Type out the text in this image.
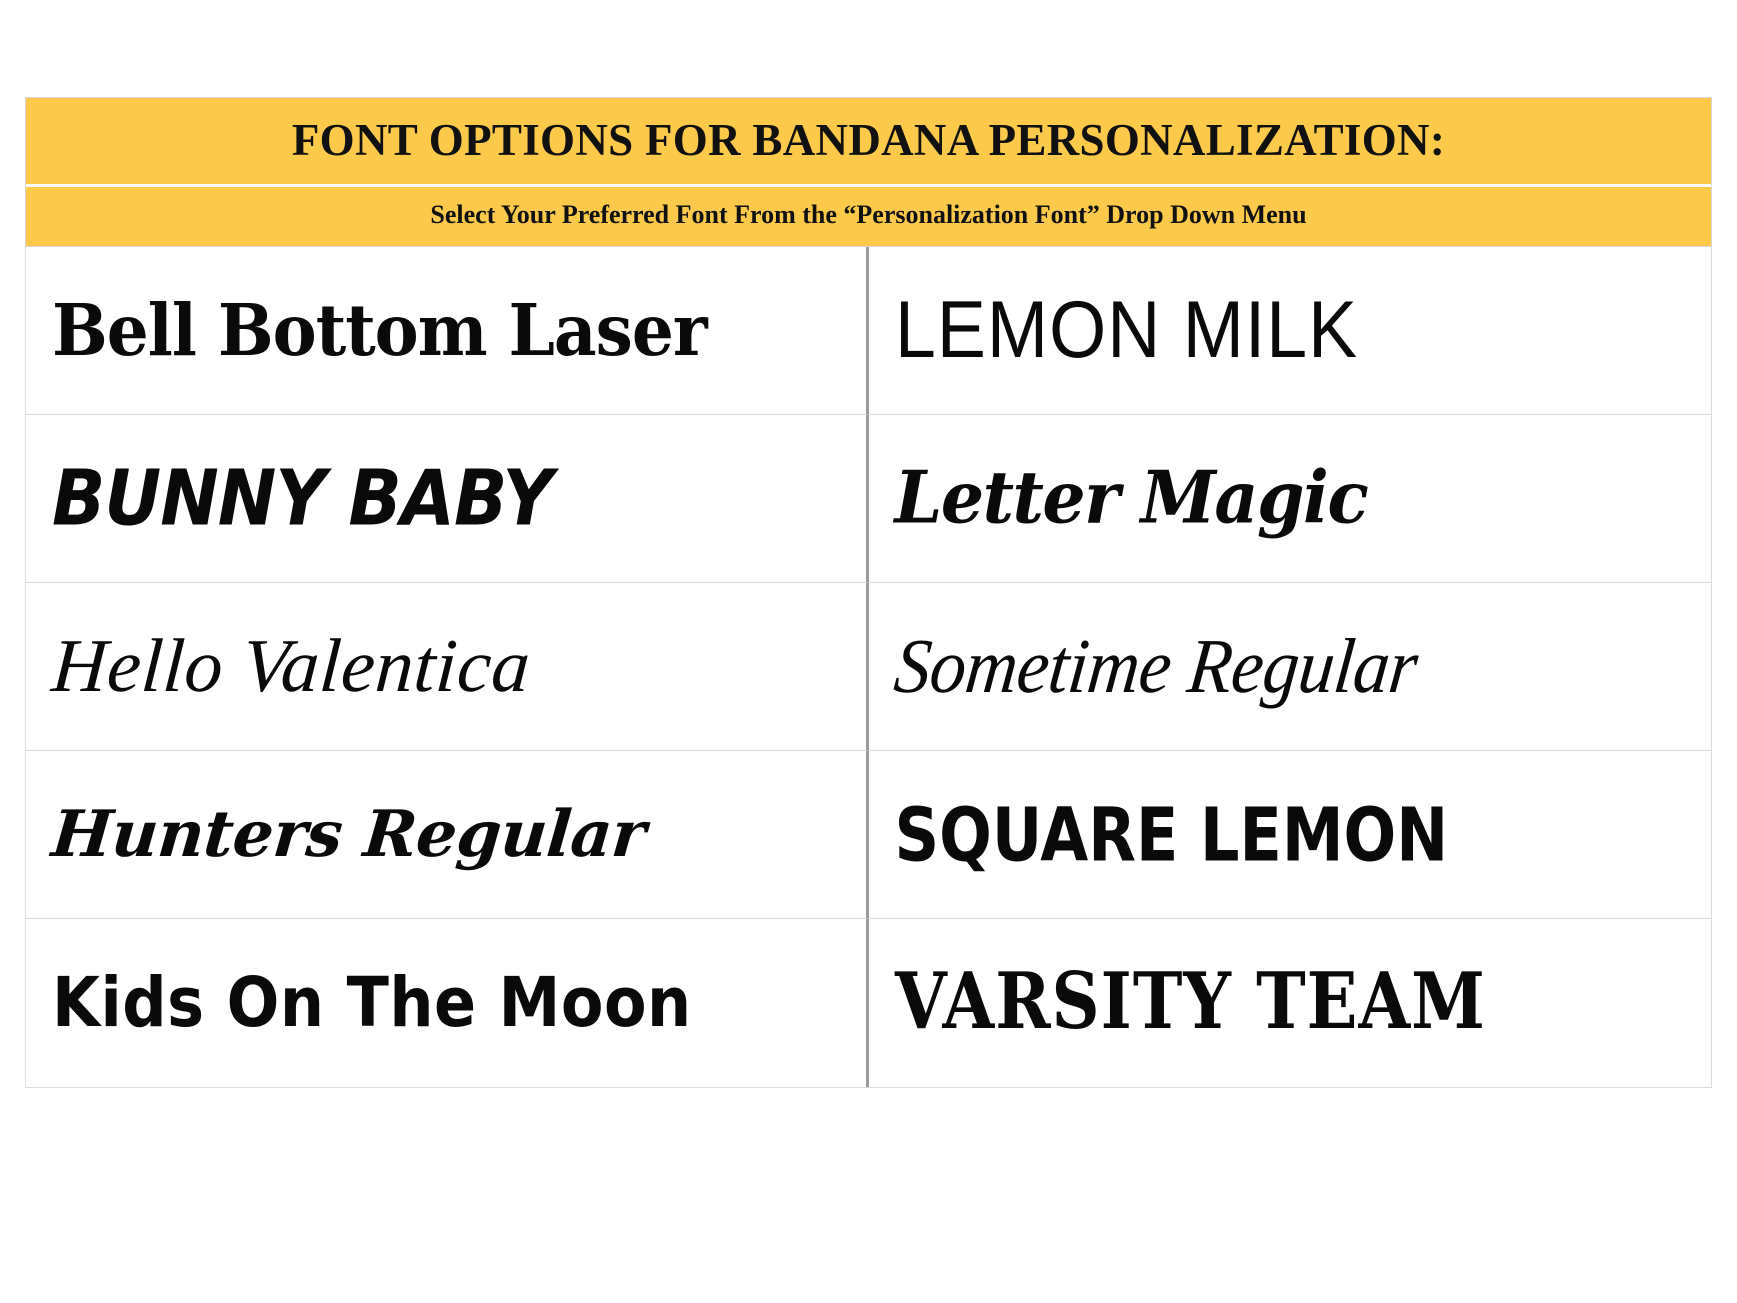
FONT OPTIONS FOR BANDANA PERSONALIZATION:
Select Your Preferred Font From the “Personalization Font” Drop Down Menu
Bell Bottom Laser	LEMON MILK
BUNNY BABY	Letter Magic
Hello Valentica	Sometime Regular
Hunters Regular	SQUARE LEMON
Kids On The Moon	VARSITY TEAM
